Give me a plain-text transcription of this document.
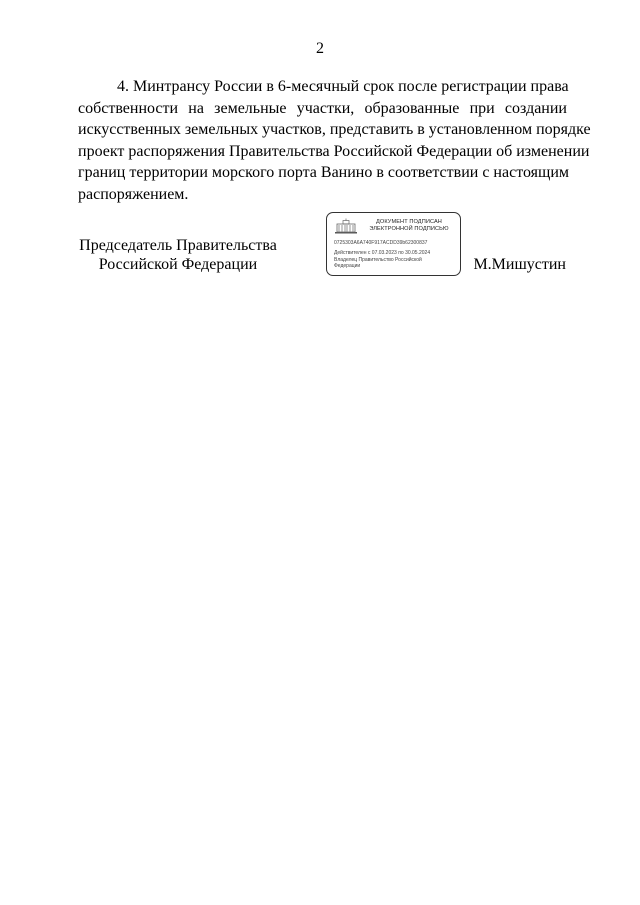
2
4. Минтрансу России в 6-месячный срок после регистрации права
собственности на земельные участки, образованные при создании
искусственных земельных участков, представить в установленном порядке
проект распоряжения Правительства Российской Федерации об изменении
границ территории морского порта Ванино в соответствии с настоящим
распоряжением.
Председатель Правительства
Российской Федерации
ДОКУМЕНТ ПОДПИСАН
ЭЛЕКТРОННОЙ ПОДПИСЬЮ
0725303A6A740F917ACDD39b62300837
Действителен с 07.03.2023 по 30.05.2024
Владелец Правительство Российской
Федерации	М.Мишустин
